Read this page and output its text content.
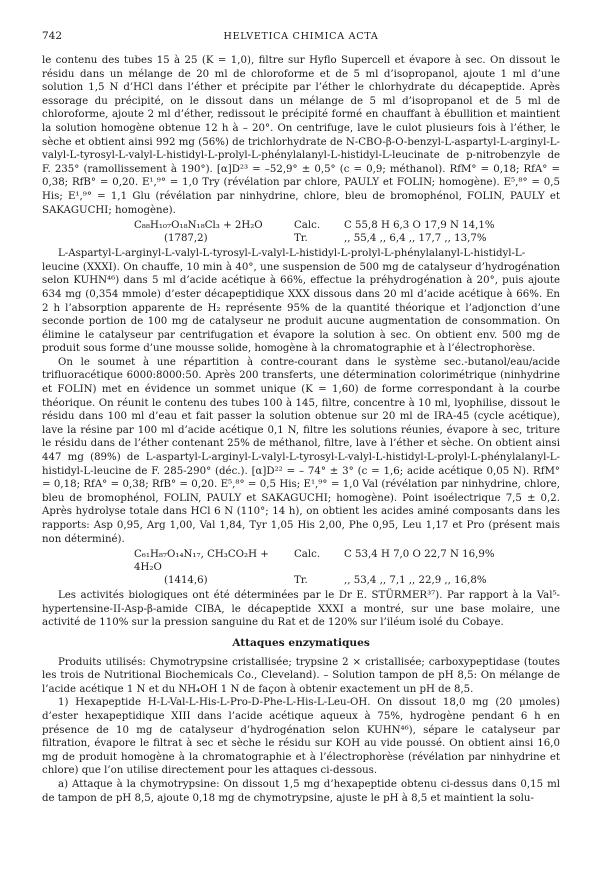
742	HELVETICA CHIMICA ACTA

le contenu des tubes 15 à 25 (K = 1,0), filtre sur Hyflo Supercell et évapore à sec. On dissout le résidu dans un mélange de 20 ml de chloroforme et de 5 ml d’isopropanol, ajoute 1 ml d’une solution 1,5 N d’HCl dans l’éther et précipite par l’éther le chlorhydrate du décapeptide. Après essorage du précipité, on le dissout dans un mélange de 5 ml d’isopropanol et de 5 ml de chloroforme, ajoute 2 ml d’éther, redissout le précipité formé en chauffant à ébullition et maintient la solution homogène obtenue 12 h à – 20°. On centrifuge, lave le culot plusieurs fois à l’éther, le sèche et obtient ainsi 992 mg (56%) de trichlorhydrate de N-CBO-β-O-benzyl-L-aspartyl-L-arginyl-L-valyl-L-tyrosyl-L-valyl-L-histidyl-L-prolyl-L-phénylalanyl-L-histidyl-L-leucinate de p-nitrobenzyle de F. 235° (ramollissement à 190°). [α]D²³ = –52,9° ± 0,5° (c = 0,9; méthanol). RfM° = 0,18; RfA° = 0,38; RfB° = 0,20. E¹,⁹° = 1,0 Try (révélation par chlore, PAULY et FOLIN; homogène). E⁵,⁸° = 0,5 His; E¹,⁹° = 1,1 Glu (révélation par ninhydrine, chlore, bleu de bromophénol, FOLIN, PAULY et SAKAGUCHI; homogène).

C₈₈H₁₀₇O₁₈N₁₈Cl₃ + 2H₂O	Calc.	C 55,8 H 6,3 O 17,9 N 14,1%
(1787,2)	Tr.	,, 55,4 ,, 6,4 ,, 17,7 ,, 13,7%

L-Aspartyl-L-arginyl-L-valyl-L-tyrosyl-L-valyl-L-histidyl-L-prolyl-L-phénylalanyl-L-histidyl-L-leucine (XXXI). On chauffe, 10 min à 40°, une suspension de 500 mg de catalyseur d’hydrogénation selon KUHN⁴⁶) dans 5 ml d’acide acétique à 66%, effectue la préhydrogénation à 20°, puis ajoute 634 mg (0,354 mmole) d’ester décapeptidique XXX dissous dans 20 ml d’acide acétique à 66%. En 2 h l’absorption apparente de H₂ représente 95% de la quantité théorique et l’adjonction d’une seconde portion de 100 mg de catalyseur ne produit aucune augmentation de consommation. On élimine le catalyseur par centrifugation et évapore la solution à sec. On obtient env. 500 mg de produit sous forme d’une mousse solide, homogène à la chromatographie et à l’électrophorèse.

On le soumet à une répartition à contre-courant dans le système sec.-butanol/eau/acide trifluoracétique 6000:8000:50. Après 200 transferts, une détermination colorimétrique (ninhydrine et FOLIN) met en évidence un sommet unique (K = 1,60) de forme correspondant à la courbe théorique. On réunit le contenu des tubes 100 à 145, filtre, concentre à 10 ml, lyophilise, dissout le résidu dans 100 ml d’eau et fait passer la solution obtenue sur 20 ml de IRA-45 (cycle acétique), lave la résine par 100 ml d’acide acétique 0,1 N, filtre les solutions réunies, évapore à sec, triture le résidu dans de l’éther contenant 25% de méthanol, filtre, lave à l’éther et sèche. On obtient ainsi 447 mg (89%) de L-aspartyl-L-arginyl-L-valyl-L-tyrosyl-L-valyl-L-histidyl-L-prolyl-L-phénylalanyl-L-histidyl-L-leucine de F. 285-290° (déc.). [α]D²² = – 74° ± 3° (c = 1,6; acide acétique 0,05 N). RfM° = 0,18; RfA° = 0,38; RfB° = 0,20. E⁵,⁸° = 0,5 His; E¹,⁹° = 1,0 Val (révélation par ninhydrine, chlore, bleu de bromophénol, FOLIN, PAULY et SAKAGUCHI; homogène). Point isoélectrique 7,5 ± 0,2. Après hydrolyse totale dans HCl 6 N (110°; 14 h), on obtient les acides aminé composants dans les rapports: Asp 0,95, Arg 1,00, Val 1,84, Tyr 1,05 His 2,00, Phe 0,95, Leu 1,17 et Pro (présent mais non déterminé).

C₆₁H₈₇O₁₄N₁₇, CH₃CO₂H + 4H₂O
Calc.	C 53,4 H 7,0 O 22,7 N 16,9%
(1414,6)	Tr.	,, 53,4 ,, 7,1 ,, 22,9 ,, 16,8%

Les activités biologiques ont été déterminées par le Dr E. STÜRMER³⁷). Par rapport à la Val⁵-hypertensine-II-Asp-β-amide CIBA, le décapeptide XXXI a montré, sur une base molaire, une activité de 110% sur la pression sanguine du Rat et de 120% sur l’iléum isolé du Cobaye.

Attaques enzymatiques

Produits utilisés: Chymotrypsine cristallisée; trypsine 2 × cristallisée; carboxypeptidase (toutes les trois de Nutritional Biochemicals Co., Cleveland). – Solution tampon de pH 8,5: On mélange de l’acide acétique 1 N et du NH₄OH 1 N de façon à obtenir exactement un pH de 8,5.

1) Hexapeptide H-L-Val-L-His-L-Pro-D-Phe-L-His-L-Leu-OH. On dissout 18,0 mg (20 μmoles) d’ester hexapeptidique XIII dans l’acide acétique aqueux à 75%, hydrogène pendant 6 h en présence de 10 mg de catalyseur d’hydrogénation selon KUHN⁴⁶), sépare le catalyseur par filtration, évapore le filtrat à sec et sèche le résidu sur KOH au vide poussé. On obtient ainsi 16,0 mg de produit homogène à la chromatographie et à l’électrophorèse (révélation par ninhydrine et chlore) que l’on utilise directement pour les attaques ci-dessous.

a) Attaque à la chymotrypsine: On dissout 1,5 mg d’hexapeptide obtenu ci-dessus dans 0,15 ml de tampon de pH 8,5, ajoute 0,18 mg de chymotrypsine, ajuste le pH à 8,5 et maintient la solu-
